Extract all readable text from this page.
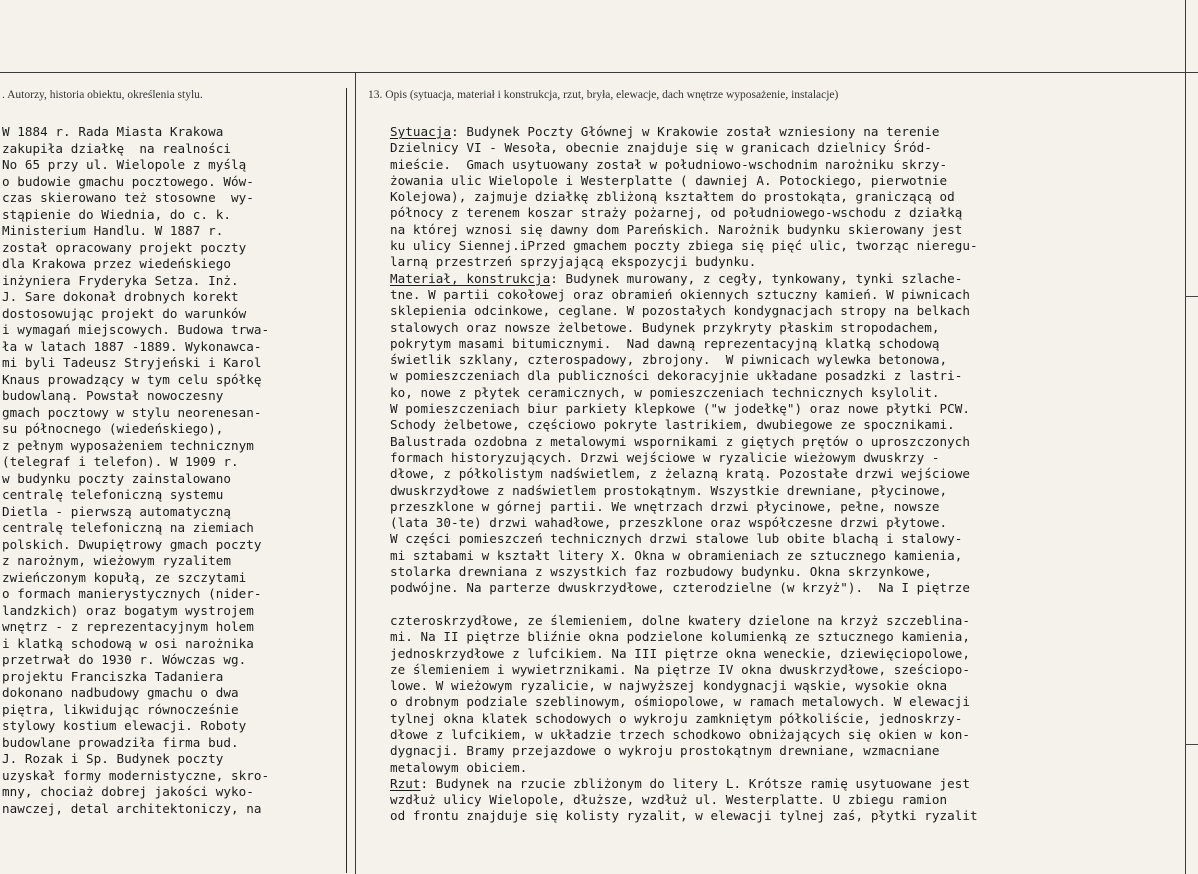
. Autorzy, historia obiektu, określenia stylu.	13. Opis (sytuacja, materiał i konstrukcja, rzut, bryła, elewacje, dach wnętrze wyposażenie, instalacje)
W 1884 r. Rada Miasta Krakowa
zakupiła działkę  na realności
No 65 przy ul. Wielopole z myślą
o budowie gmachu pocztowego. Wów-
czas skierowano też stosowne  wy-
stąpienie do Wiednia, do c. k.
Ministerium Handlu. W 1887 r.
został opracowany projekt poczty
dla Krakowa przez wiedeńskiego
inżyniera Fryderyka Setza. Inż.
J. Sare dokonał drobnych korekt
dostosowując projekt do warunków
i wymagań miejscowych. Budowa trwa-
ła w latach 1887 -1889. Wykonawca-
mi byli Tadeusz Stryjeński i Karol
Knaus prowadzący w tym celu spółkę
budowlaną. Powstał nowoczesny
gmach pocztowy w stylu neorenesan-
su północnego (wiedeńskiego),
z pełnym wyposażeniem technicznym
(telegraf i telefon). W 1909 r.
w budynku poczty zainstalowano
centralę telefoniczną systemu
Dietla - pierwszą automatyczną
centralę telefoniczną na ziemiach
polskich. Dwupiętrowy gmach poczty
z narożnym, wieżowym ryzalitem
zwieńczonym kopułą, ze szczytami
o formach manierystycznych (nider-
landzkich) oraz bogatym wystrojem
wnętrz - z reprezentacyjnym holem
i klatką schodową w osi narożnika
przetrwał do 1930 r. Wówczas wg.
projektu Franciszka Tadaniera
dokonano nadbudowy gmachu o dwa
piętra, likwidując równocześnie
stylowy kostium elewacji. Roboty
budowlane prowadziła firma bud.
J. Rozak i Sp. Budynek poczty
uzyskał formy modernistyczne, skro-
mny, chociaż dobrej jakości wyko-
nawczej, detal architektoniczy, na
Sytuacja: Budynek Poczty Głównej w Krakowie został wzniesiony na terenie
Dzielnicy VI - Wesoła, obecnie znajduje się w granicach dzielnicy Śród-
mieście.  Gmach usytuowany został w południowo-wschodnim narożniku skrzy-
żowania ulic Wielopole i Westerplatte ( dawniej A. Potockiego, pierwotnie
Kolejowa), zajmuje działkę zbliżoną kształtem do prostokąta, graniczącą od
północy z terenem koszar straży pożarnej, od południowego-wschodu z działką
na której wznosi się dawny dom Pareńskich. Narożnik budynku skierowany jest
ku ulicy Siennej.iPrzed gmachem poczty zbiega się pięć ulic, tworząc nieregu-
larną przestrzeń sprzyjającą ekspozycji budynku.
Materiał, konstrukcja: Budynek murowany, z cegły, tynkowany, tynki szlache-
tne. W partii cokołowej oraz obramień okiennych sztuczny kamień. W piwnicach
sklepienia odcinkowe, ceglane. W pozostałych kondygnacjach stropy na belkach
stalowych oraz nowsze żelbetowe. Budynek przykryty płaskim stropodachem,
pokrytym masami bitumicznymi.  Nad dawną reprezentacyjną klatką schodową
świetlik szklany, czterospadowy, zbrojony.  W piwnicach wylewka betonowa,
w pomieszczeniach dla publiczności dekoracyjnie układane posadzki z lastri-
ko, nowe z płytek ceramicznych, w pomieszczeniach technicznych ksylolit.
W pomieszczeniach biur parkiety klepkowe ("w jodełkę") oraz nowe płytki PCW.
Schody żelbetowe, częściowo pokryte lastrikiem, dwubiegowe ze spocznikami.
Balustrada ozdobna z metalowymi wspornikami z giętych prętów o uproszczonych
formach historyzujących. Drzwi wejściowe w ryzalicie wieżowym dwuskrzy -
dłowe, z półkolistym nadświetlem, z żelazną kratą. Pozostałe drzwi wejściowe
dwuskrzydłowe z nadświetlem prostokątnym. Wszystkie drewniane, płycinowe,
przeszklone w górnej partii. We wnętrzach drzwi płycinowe, pełne, nowsze
(lata 30-te) drzwi wahadłowe, przeszklone oraz współczesne drzwi płytowe.
W części pomieszczeń technicznych drzwi stalowe lub obite blachą i stalowy-
mi sztabami w kształt litery X. Okna w obramieniach ze sztucznego kamienia,
stolarka drewniana z wszystkich faz rozbudowy budynku. Okna skrzynkowe,
podwójne. Na parterze dwuskrzydłowe, czterodzielne (w krzyż").  Na I piętrze
czteroskrzydłowe, ze ślemieniem, dolne kwatery dzielone na krzyż szczeblina-
mi. Na II piętrze bliźnie okna podzielone kolumienką ze sztucznego kamienia,
jednoskrzydłowe z lufcikiem. Na III piętrze okna weneckie, dziewięciopolowe,
ze ślemieniem i wywietrznikami. Na piętrze IV okna dwuskrzydłowe, sześciopo-
lowe. W wieżowym ryzalicie, w najwyższej kondygnacji wąskie, wysokie okna
o drobnym podziale szeblinowym, ośmiopolowe, w ramach metalowych. W elewacji
tylnej okna klatek schodowych o wykroju zamkniętym półkoliście, jednoskrzy-
dłowe z lufcikiem, w układzie trzech schodkowo obniżających się okien w kon-
dygnacji. Bramy przejazdowe o wykroju prostokątnym drewniane, wzmacniane
metalowym obiciem.
Rzut: Budynek na rzucie zbliżonym do litery L. Krótsze ramię usytuowane jest
wzdłuż ulicy Wielopole, dłuższe, wzdłuż ul. Westerplatte. U zbiegu ramion
od frontu znajduje się kolisty ryzalit, w elewacji tylnej zaś, płytki ryzalit
